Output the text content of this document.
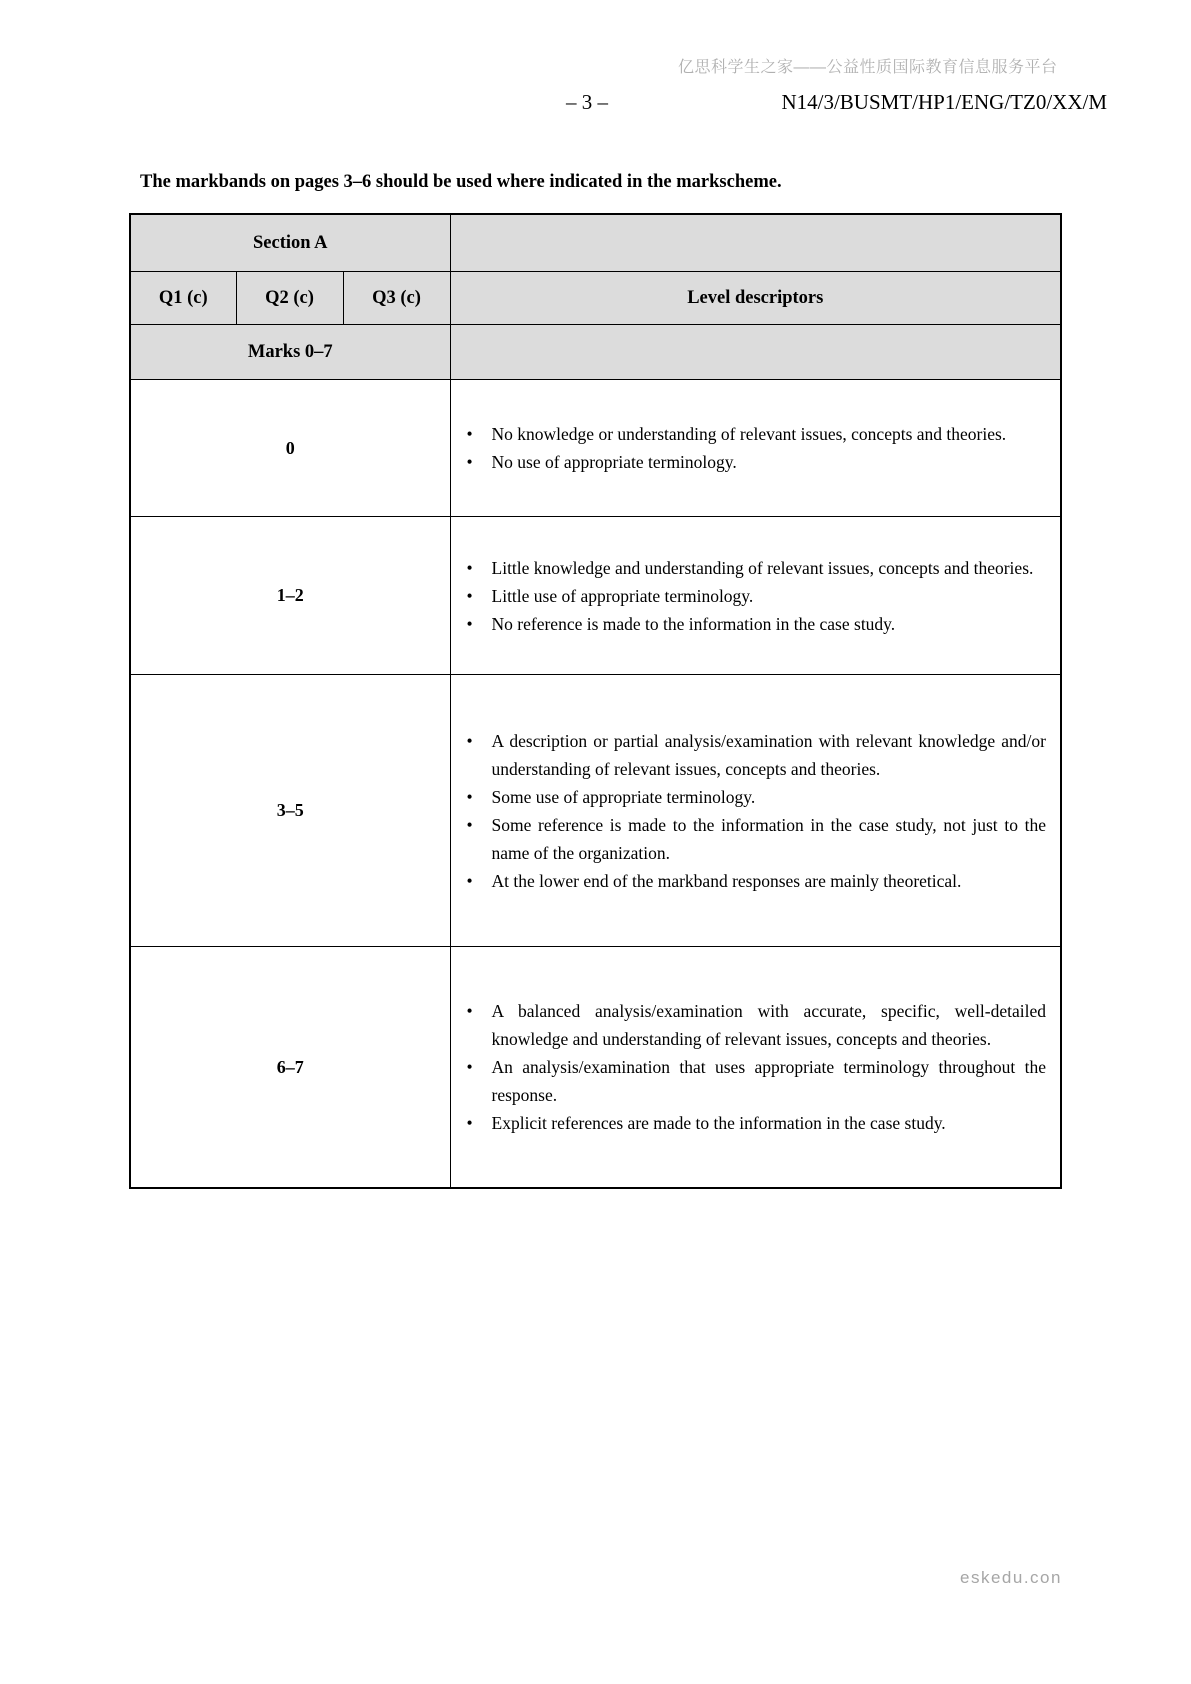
亿思科学生之家——公益性质国际教育信息服务平台
– 3 –	N14/3/BUSMT/HP1/ENG/TZ0/XX/M
The markbands on pages 3–6 should be used where indicated in the markscheme.
Section A			
Q1 (c)	Q2 (c)	Q3 (c)	Level descriptors
Marks 0–7			
0	
• No knowledge or understanding of relevant issues, concepts and theories.
• No use of appropriate terminology.

1–2	
• Little knowledge and understanding of relevant issues, concepts and theories.
• Little use of appropriate terminology.
• No reference is made to the information in the case study.

3–5	
• A description or partial analysis/examination with relevant knowledge and/or understanding of relevant issues, concepts and theories.
• Some use of appropriate terminology.
• Some reference is made to the information in the case study, not just to the name of the organization.
• At the lower end of the markband responses are mainly theoretical.

6–7	
• A balanced analysis/examination with accurate, specific, well-detailed knowledge and understanding of relevant issues, concepts and theories.
• An analysis/examination that uses appropriate terminology throughout the response.
• Explicit references are made to the information in the case study.
eskedu.con
